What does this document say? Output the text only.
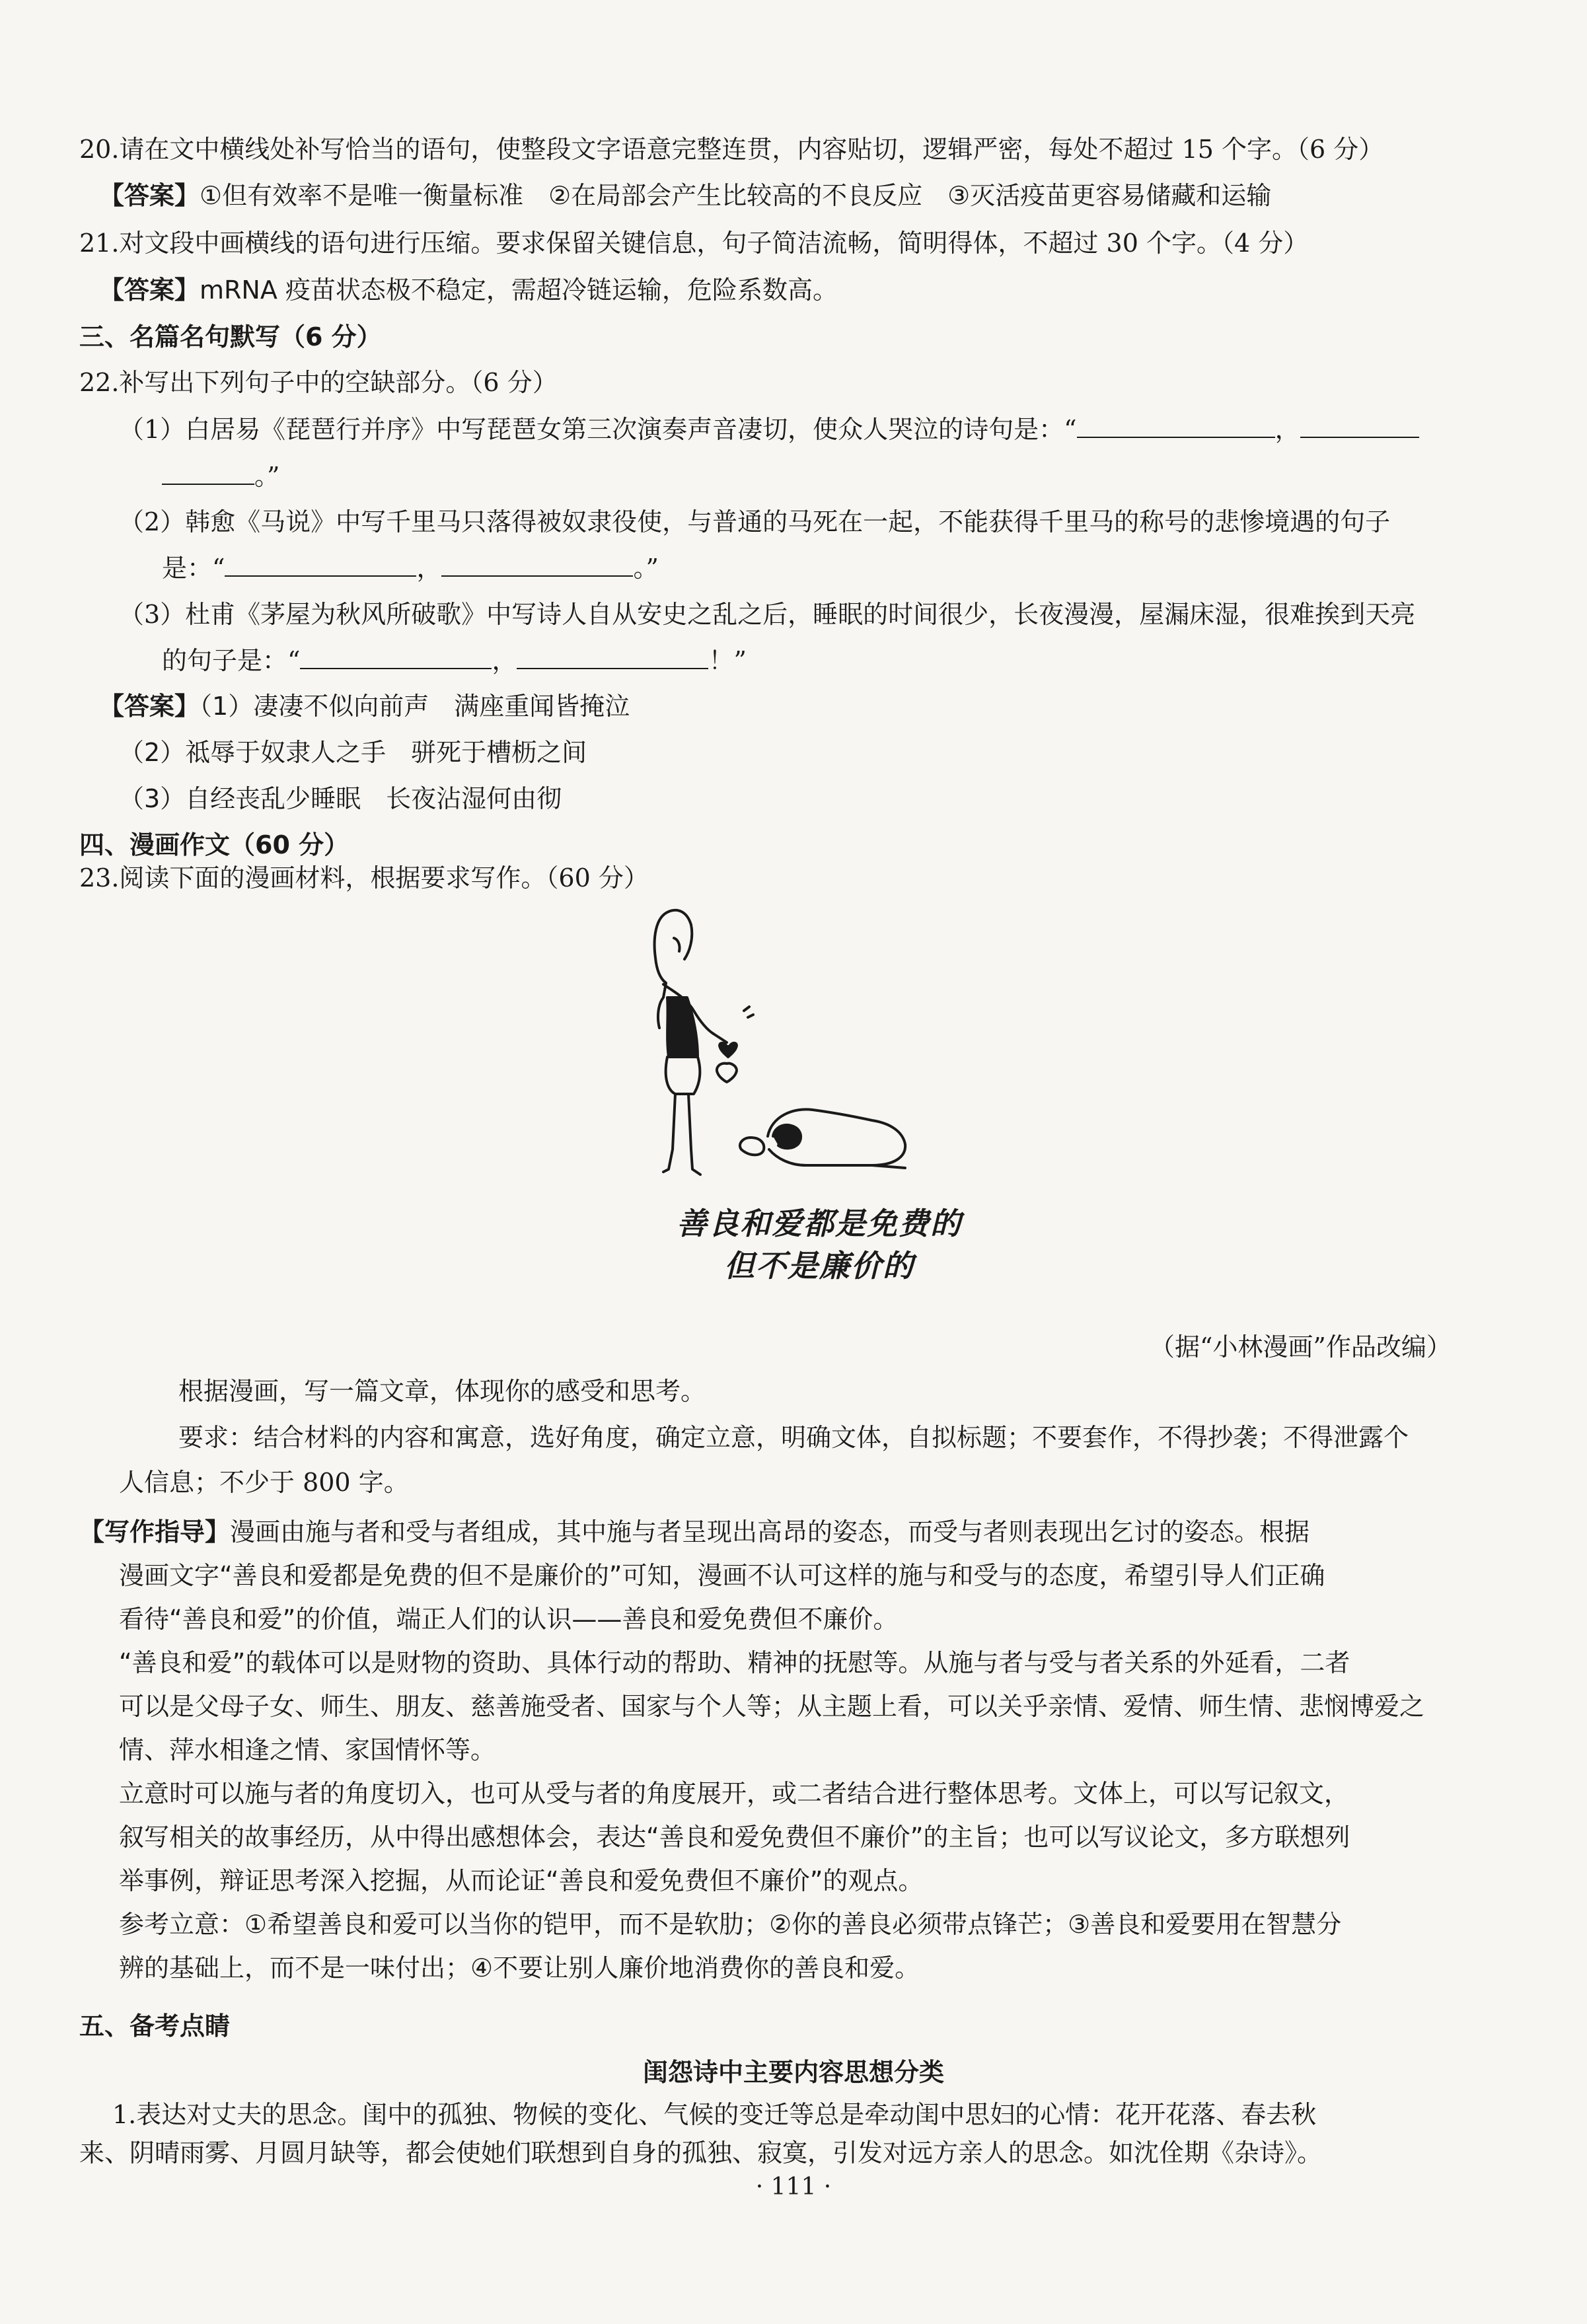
20.请在文中横线处补写恰当的语句，使整段文字语意完整连贯，内容贴切，逻辑严密，每处不超过 15 个字。（6 分）
【答案】①但有效率不是唯一衡量标准　②在局部会产生比较高的不良反应　③灭活疫苗更容易储藏和运输
21.对文段中画横线的语句进行压缩。要求保留关键信息，句子简洁流畅，简明得体，不超过 30 个字。（4 分）
【答案】mRNA 疫苗状态极不稳定，需超冷链运输，危险系数高。
三、名篇名句默写（6 分）
22.补写出下列句子中的空缺部分。（6 分）
（1）白居易《琵琶行并序》中写琵琶女第三次演奏声音凄切，使众人哭泣的诗句是：“	，
。”
（2）韩愈《马说》中写千里马只落得被奴隶役使，与普通的马死在一起，不能获得千里马的称号的悲惨境遇的句子
是：“	，	。”
（3）杜甫《茅屋为秋风所破歌》中写诗人自从安史之乱之后，睡眠的时间很少，长夜漫漫，屋漏床湿，很难挨到天亮
的句子是：“	，	！”
【答案】（1）凄凄不似向前声　满座重闻皆掩泣
（2）祗辱于奴隶人之手　骈死于槽枥之间
（3）自经丧乱少睡眠　长夜沾湿何由彻
四、漫画作文（60 分）
23.阅读下面的漫画材料，根据要求写作。（60 分）
善良和爱都是免费的
但不是廉价的
（据“小林漫画”作品改编）
根据漫画，写一篇文章，体现你的感受和思考。
要求：结合材料的内容和寓意，选好角度，确定立意，明确文体，自拟标题；不要套作，不得抄袭；不得泄露个
人信息；不少于 800 字。
【写作指导】漫画由施与者和受与者组成，其中施与者呈现出高昂的姿态，而受与者则表现出乞讨的姿态。根据
漫画文字“善良和爱都是免费的但不是廉价的”可知，漫画不认可这样的施与和受与的态度，希望引导人们正确
看待“善良和爱”的价值，端正人们的认识——善良和爱免费但不廉价。
“善良和爱”的载体可以是财物的资助、具体行动的帮助、精神的抚慰等。从施与者与受与者关系的外延看，二者
可以是父母子女、师生、朋友、慈善施受者、国家与个人等；从主题上看，可以关乎亲情、爱情、师生情、悲悯博爱之
情、萍水相逢之情、家国情怀等。
立意时可以施与者的角度切入，也可从受与者的角度展开，或二者结合进行整体思考。文体上，可以写记叙文，
叙写相关的故事经历，从中得出感想体会，表达“善良和爱免费但不廉价”的主旨；也可以写议论文，多方联想列
举事例，辩证思考深入挖掘，从而论证“善良和爱免费但不廉价”的观点。
参考立意：①希望善良和爱可以当你的铠甲，而不是软肋；②你的善良必须带点锋芒；③善良和爱要用在智慧分
辨的基础上，而不是一味付出；④不要让别人廉价地消费你的善良和爱。
五、备考点睛
闺怨诗中主要内容思想分类
1.表达对丈夫的思念。闺中的孤独、物候的变化、气候的变迁等总是牵动闺中思妇的心情：花开花落、春去秋
来、阴晴雨雾、月圆月缺等，都会使她们联想到自身的孤独、寂寞，引发对远方亲人的思念。如沈佺期《杂诗》。
· 111 ·
